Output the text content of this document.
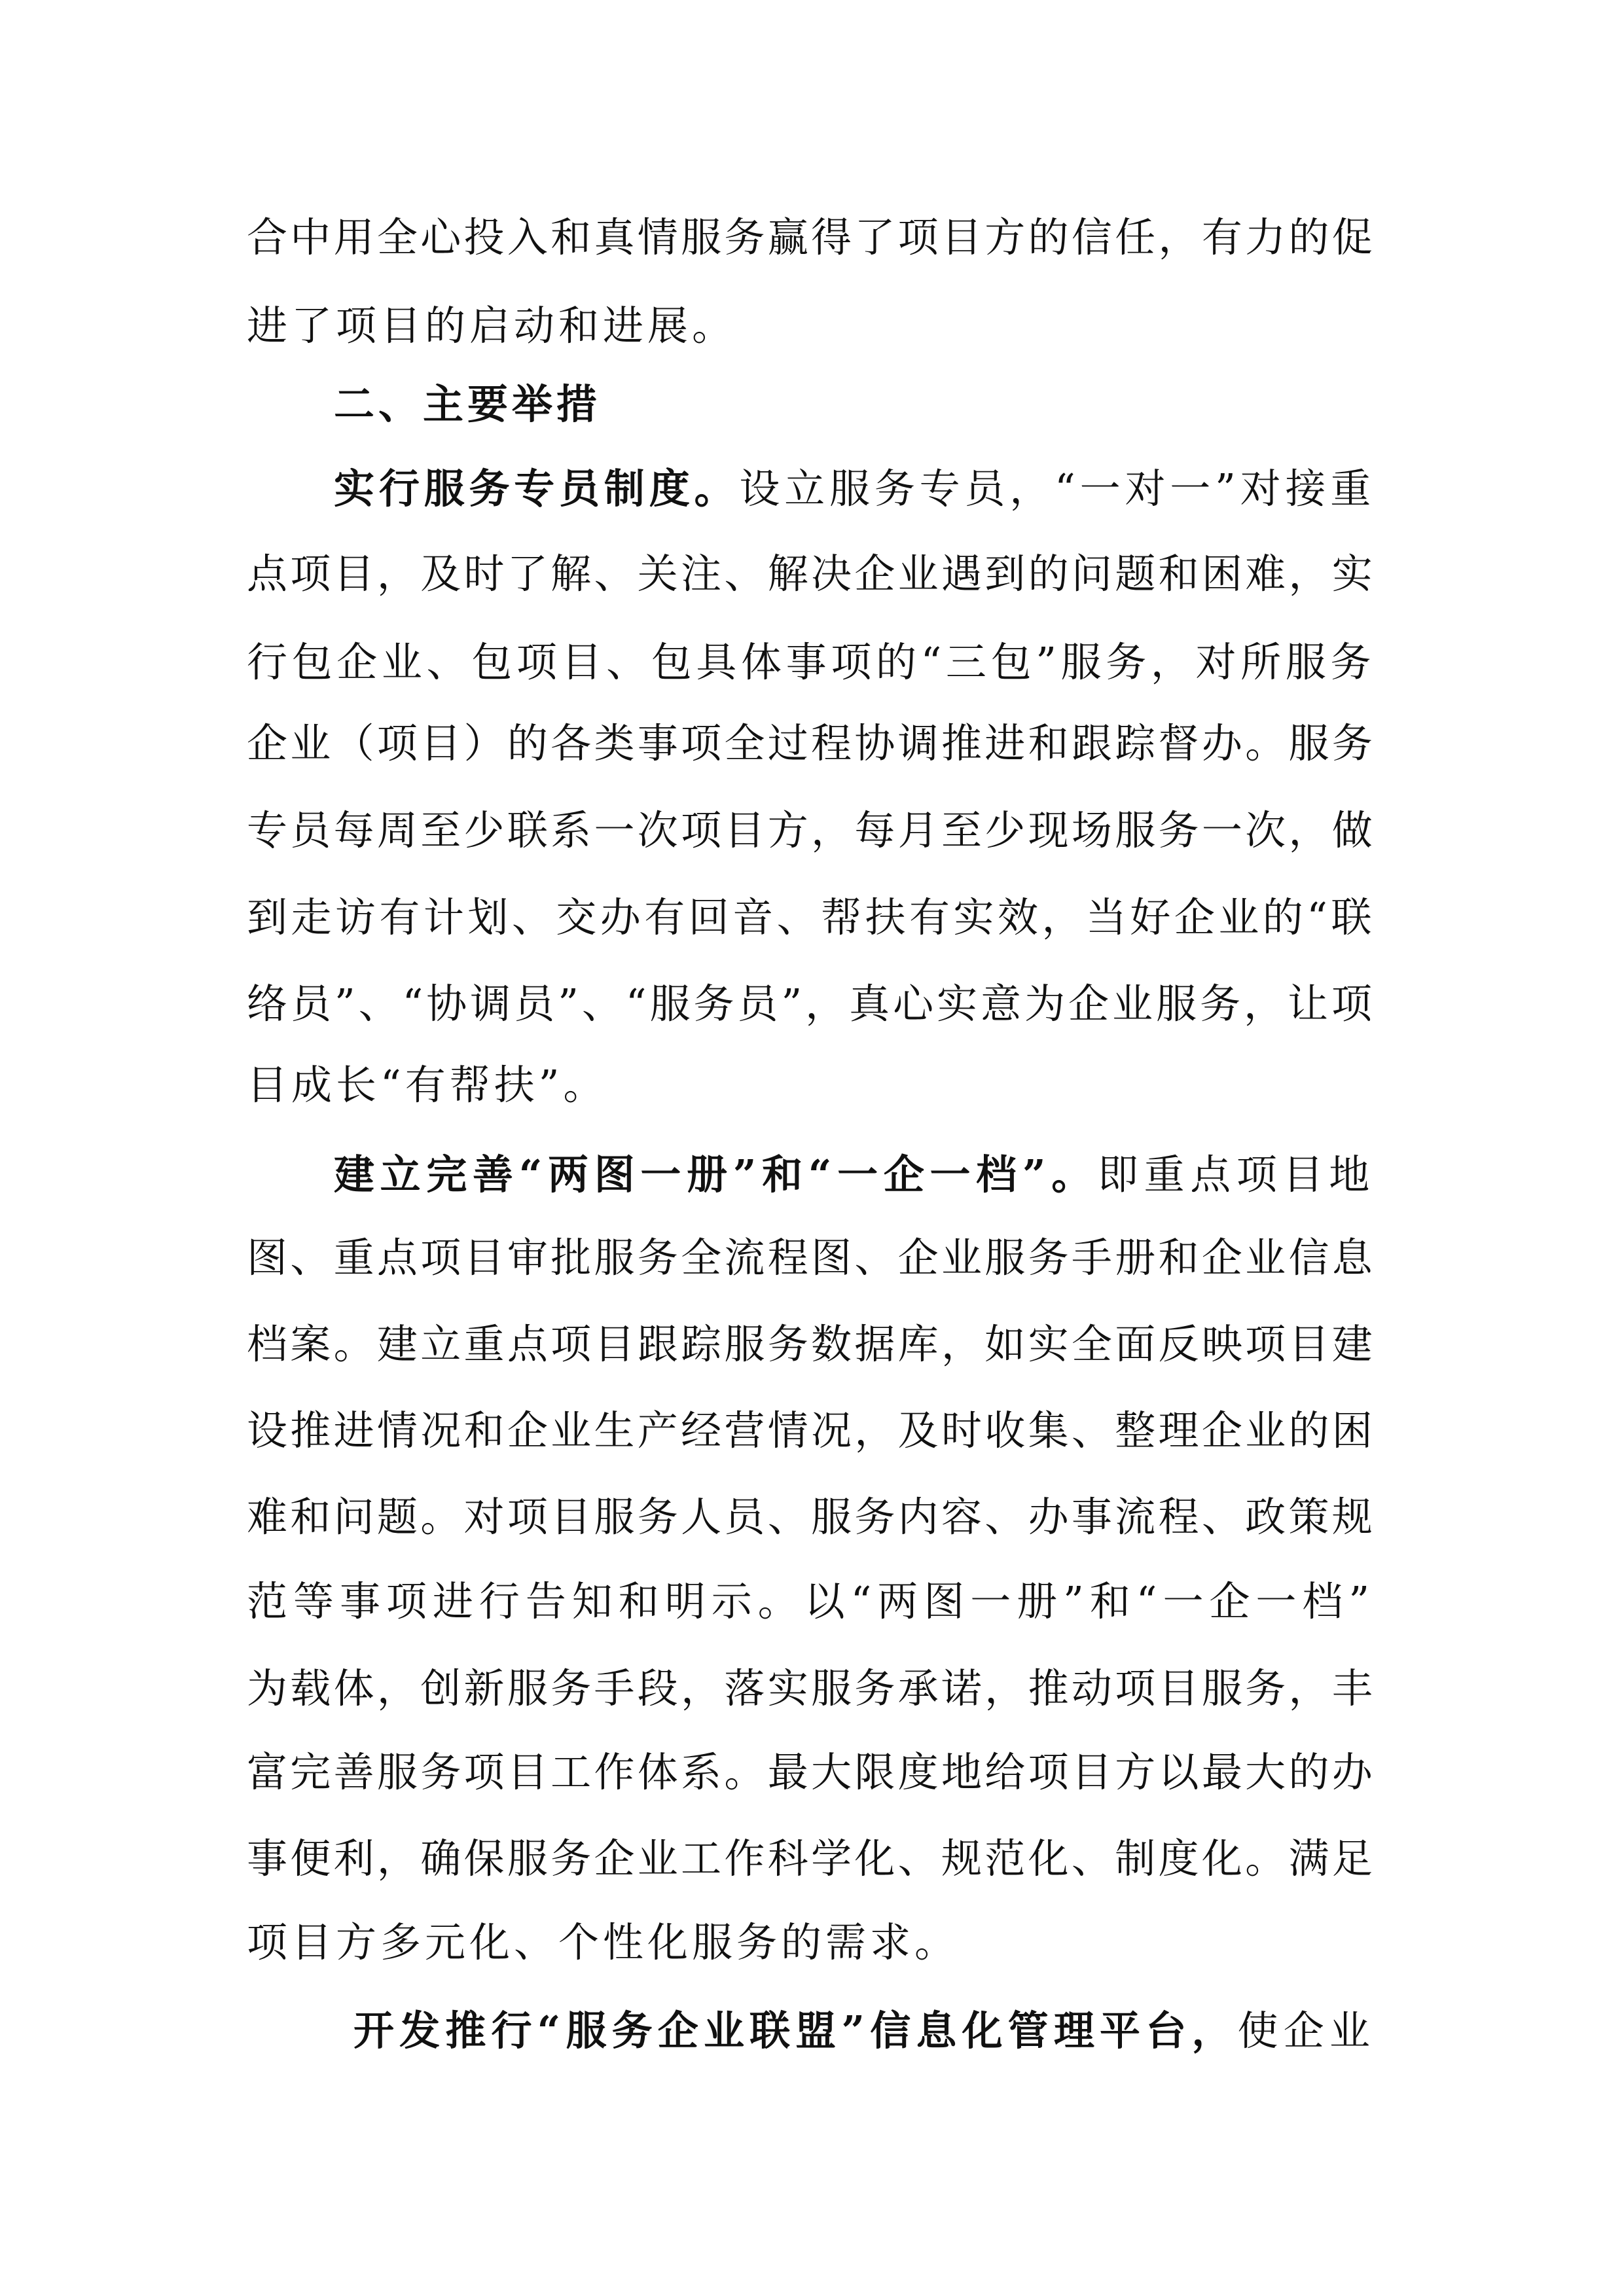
合中用全心投入和真情服务赢得了项目方的信任，有力的促
进了项目的启动和进展。
二、主要举措
实行服务专员制度。设立服务专员，“一对一”对接重
点项目，及时了解、关注、解决企业遇到的问题和困难，实
行包企业、包项目、包具体事项的“三包”服务，对所服务
企业（项目）的各类事项全过程协调推进和跟踪督办。服务
专员每周至少联系一次项目方，每月至少现场服务一次，做
到走访有计划、交办有回音、帮扶有实效，当好企业的“联
络员”、“协调员”、“服务员”，真心实意为企业服务，让项
目成长“有帮扶”。
建立完善“两图一册”和“一企一档”。即重点项目地
图、重点项目审批服务全流程图、企业服务手册和企业信息
档案。建立重点项目跟踪服务数据库，如实全面反映项目建
设推进情况和企业生产经营情况，及时收集、整理企业的困
难和问题。对项目服务人员、服务内容、办事流程、政策规
范等事项进行告知和明示。以“两图一册”和“一企一档”
为载体，创新服务手段，落实服务承诺，推动项目服务，丰
富完善服务项目工作体系。最大限度地给项目方以最大的办
事便利，确保服务企业工作科学化、规范化、制度化。满足
项目方多元化、个性化服务的需求。
开发推行“服务企业联盟”信息化管理平台，使企业
